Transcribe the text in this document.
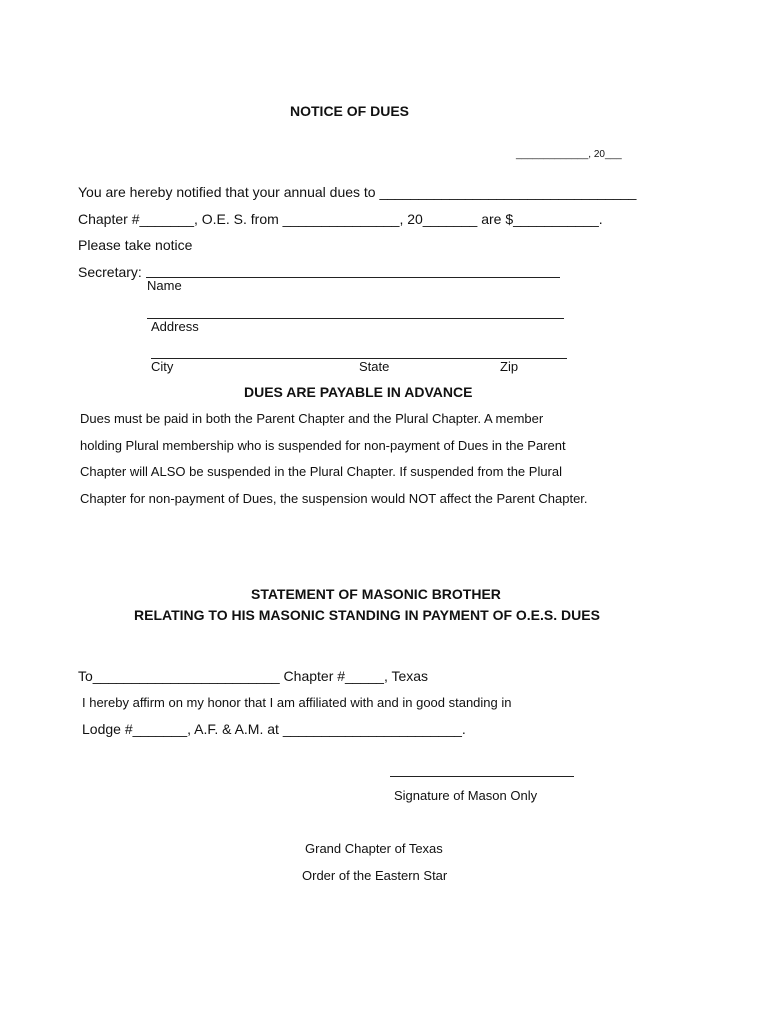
NOTICE OF DUES
_____________, 20___
You are hereby notified that your annual dues to _________________________________
Chapter #_______, O.E. S. from _______________, 20_______ are $___________.
Please take notice
Secretary:
Name
Address
City	State	Zip
DUES ARE PAYABLE IN ADVANCE
Dues must be paid in both the Parent Chapter and the Plural Chapter. A member
holding Plural membership who is suspended for non-payment of Dues in the Parent
Chapter will ALSO be suspended in the Plural Chapter. If suspended from the Plural
Chapter for non-payment of Dues, the suspension would NOT affect the Parent Chapter.
STATEMENT OF MASONIC BROTHER
RELATING TO HIS MASONIC STANDING IN PAYMENT OF O.E.S. DUES
To________________________ Chapter #_____, Texas
I hereby affirm on my honor that I am affiliated with and in good standing in
Lodge #_______, A.F. & A.M. at _______________________.
Signature of Mason Only
Grand Chapter of Texas
Order of the Eastern Star
